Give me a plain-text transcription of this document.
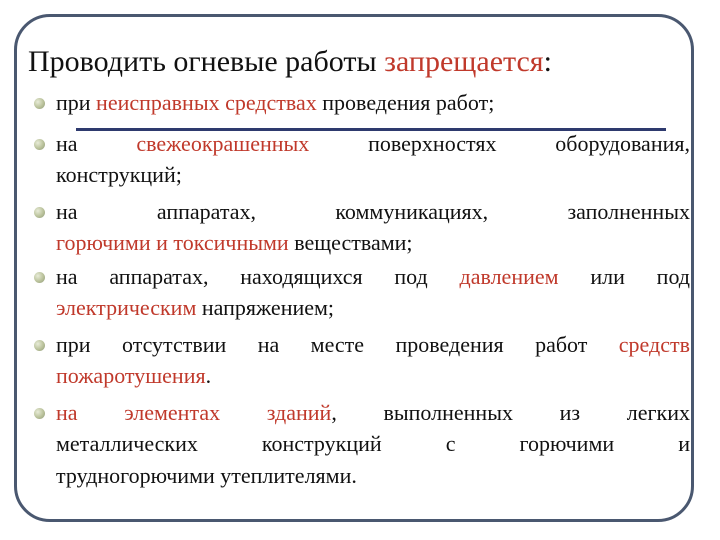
Проводить огневые работы запрещается:
при неисправных средствах проведения работ;
на свежеокрашенных поверхностях оборудования,
конструкций;
на аппаратах, коммуникациях, заполненных
горючими и токсичными веществами;
на аппаратах, находящихся под давлением или под
электрическим напряжением;
при отсутствии на месте проведения работ средств
пожаротушения.
на элементах зданий, выполненных из легких
металлических конструкций с горючими и
трудногорючими утеплителями.
